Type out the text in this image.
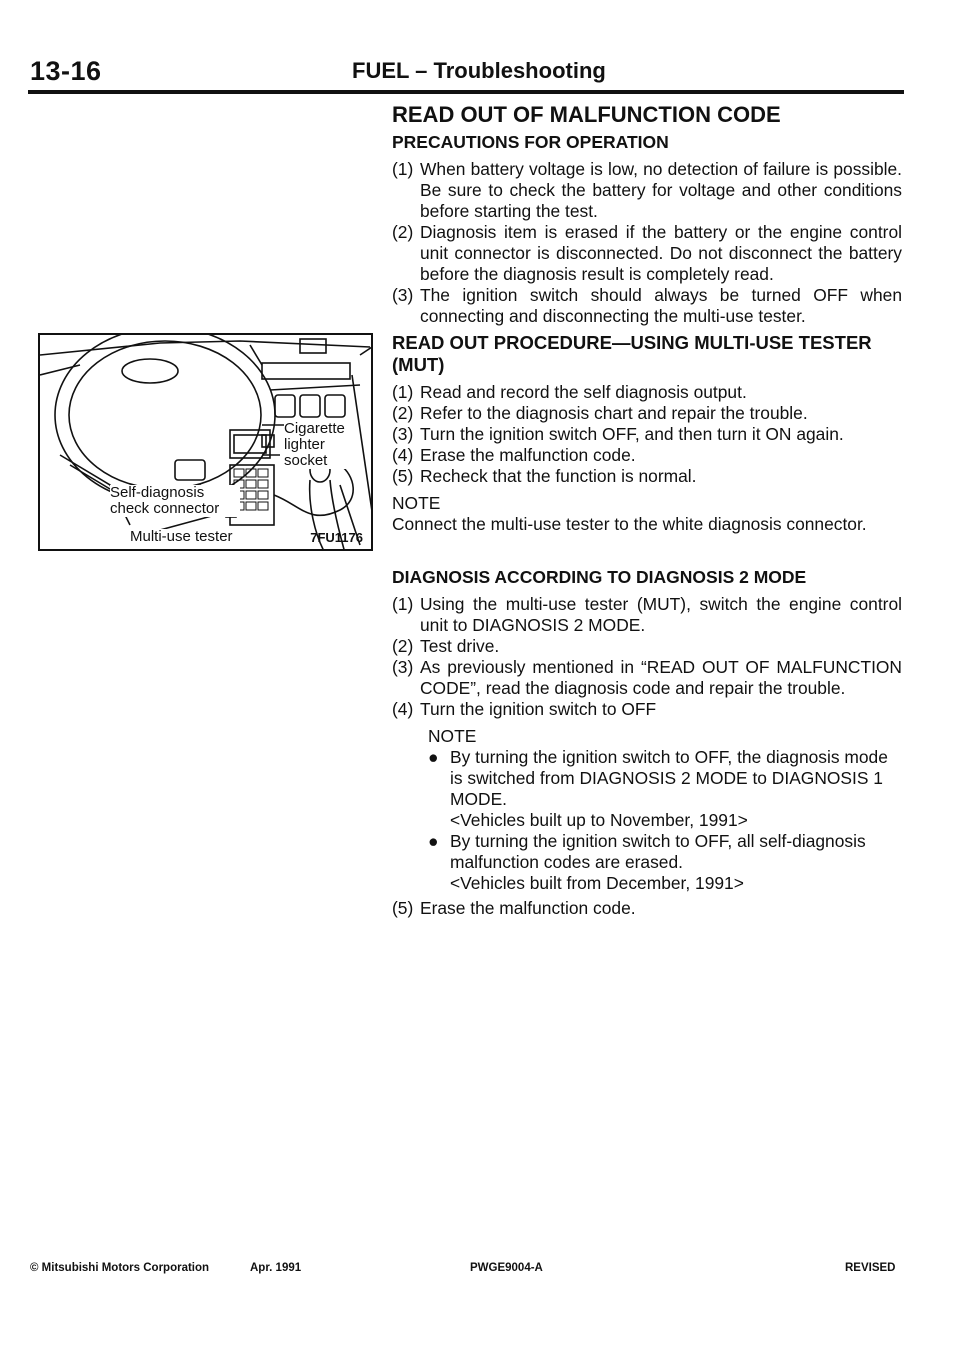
13-16	FUEL – Troubleshooting
Cigarette lighter socket
Self-diagnosis check connector
Multi-use tester	7FU1176
READ OUT OF MALFUNCTION CODE
PRECAUTIONS FOR OPERATION
(1) When battery voltage is low, no detection of failure is possible. Be sure to check the battery for voltage and other conditions before starting the test.
(2) Diagnosis item is erased if the battery or the engine control unit connector is disconnected. Do not disconnect the battery before the diagnosis result is completely read.
(3) The ignition switch should always be turned OFF when connecting and disconnecting the multi-use tester.
READ OUT PROCEDURE—USING MULTI-USE TESTER (MUT)
(1) Read and record the self diagnosis output.
(2) Refer to the diagnosis chart and repair the trouble.
(3) Turn the ignition switch OFF, and then turn it ON again.
(4) Erase the malfunction code.
(5) Recheck that the function is normal.
NOTE
Connect the multi-use tester to the white diagnosis connector.
DIAGNOSIS ACCORDING TO DIAGNOSIS 2 MODE
(1) Using the multi-use tester (MUT), switch the engine control unit to DIAGNOSIS 2 MODE.
(2) Test drive.
(3) As previously mentioned in “READ OUT OF MALFUNCTION CODE”, read the diagnosis code and repair the trouble.
(4) Turn the ignition switch to OFF
NOTE
● By turning the ignition switch to OFF, the diagnosis mode is switched from DIAGNOSIS 2 MODE to DIAGNOSIS 1 MODE.
<Vehicles built up to November, 1991>
● By turning the ignition switch to OFF, all self-diagnosis malfunction codes are erased.
<Vehicles built from December, 1991>
(5) Erase the malfunction code.
© Mitsubishi Motors Corporation	Apr. 1991	PWGE9004-A	REVISED
